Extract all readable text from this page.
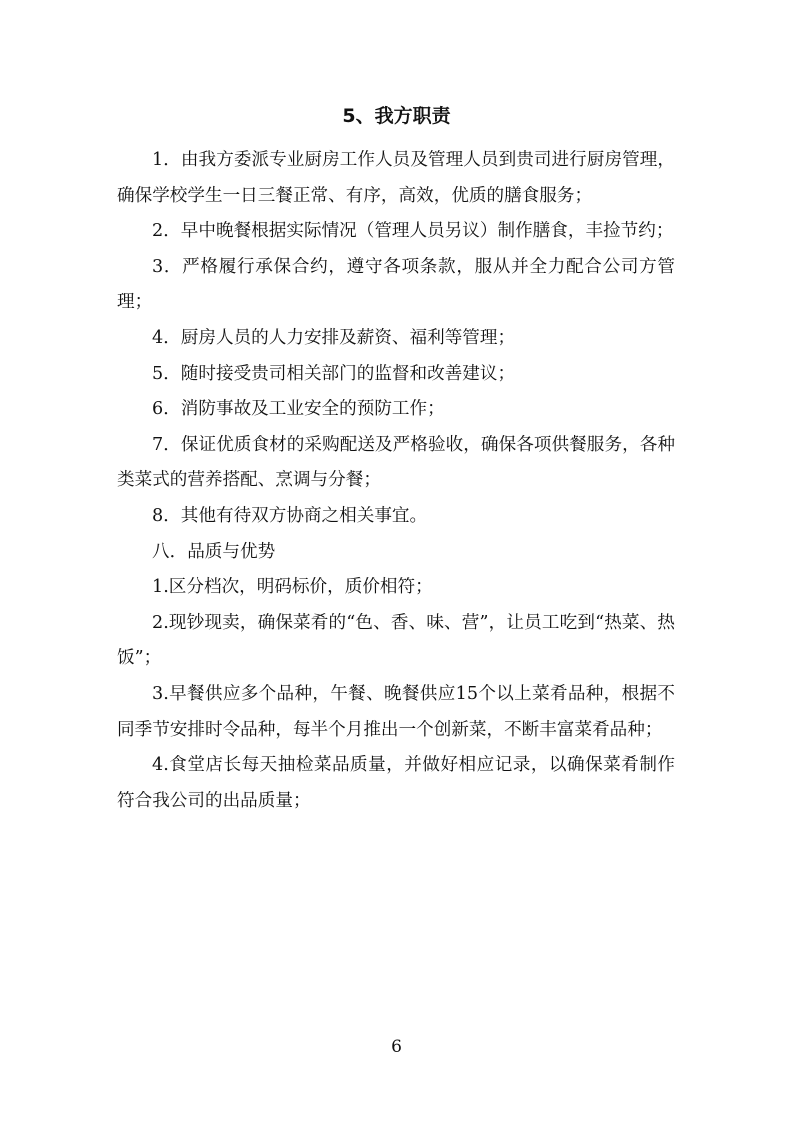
5、我方职责

1．由我方委派专业厨房工作人员及管理人员到贵司进行厨房管理，确保学校学生一日三餐正常、有序，高效，优质的膳食服务；

2．早中晚餐根据实际情况（管理人员另议）制作膳食，丰捡节约；

3．严格履行承保合约，遵守各项条款，服从并全力配合公司方管理；

4．厨房人员的人力安排及薪资、福利等管理；

5．随时接受贵司相关部门的监督和改善建议；

6．消防事故及工业安全的预防工作；

7．保证优质食材的采购配送及严格验收，确保各项供餐服务，各种类菜式的营养搭配、烹调与分餐；

8．其他有待双方协商之相关事宜。

八．品质与优势

1.区分档次，明码标价，质价相符；

2.现钞现卖，确保菜肴的“色、香、味、营”，让员工吃到“热菜、热饭”；

3.早餐供应多个品种，午餐、晚餐供应15个以上菜肴品种，根据不同季节安排时令品种，每半个月推出一个创新菜，不断丰富菜肴品种；

4.食堂店长每天抽检菜品质量，并做好相应记录，以确保菜肴制作符合我公司的出品质量；

6
